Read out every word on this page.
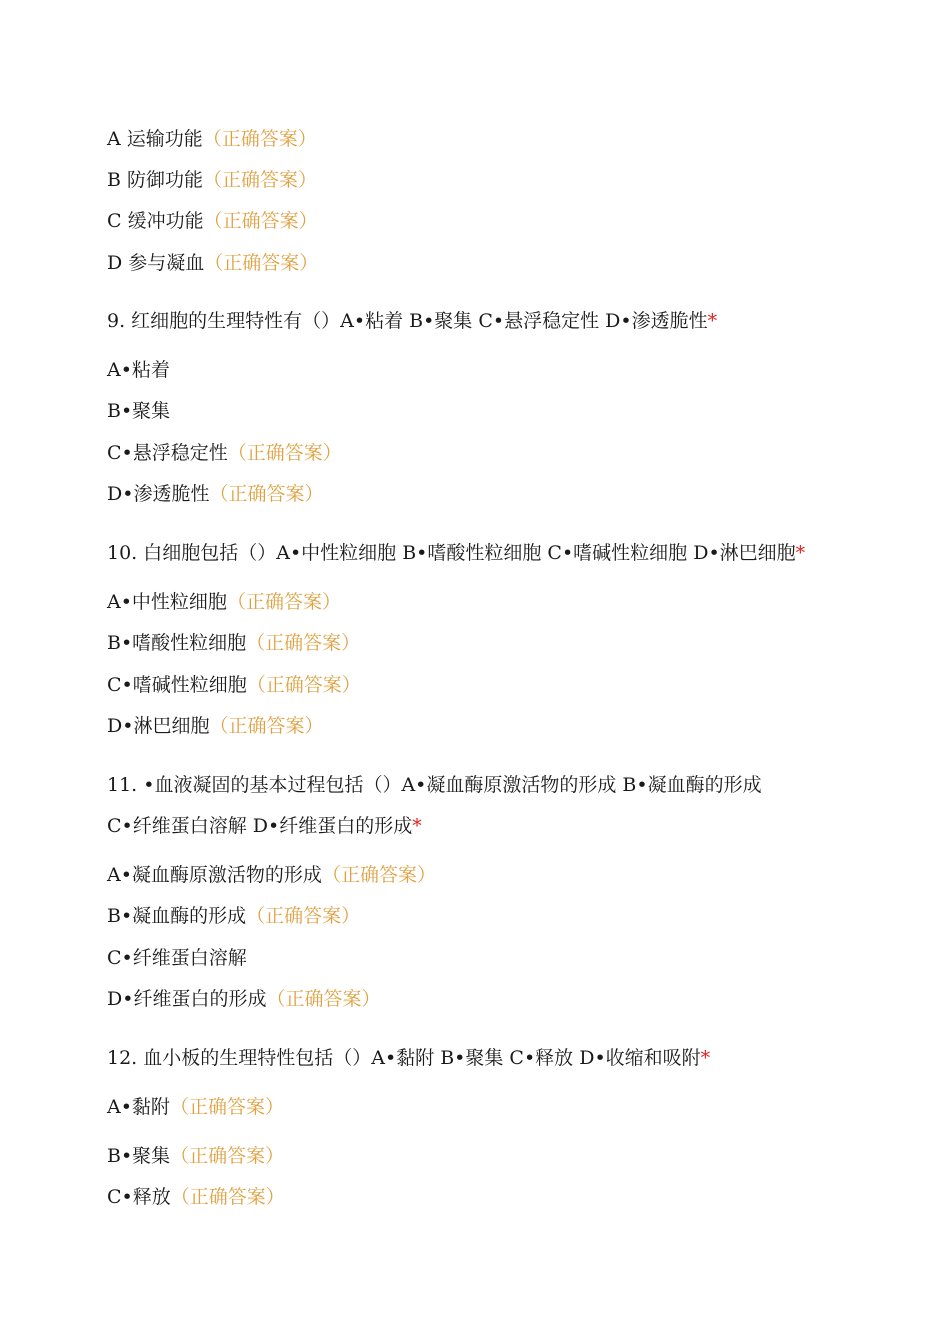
A 运输功能（正确答案）
B 防御功能（正确答案）
C 缓冲功能（正确答案）
D 参与凝血（正确答案）
9. 红细胞的生理特性有（）A•粘着 B•聚集 C•悬浮稳定性 D•渗透脆性*
A•粘着
B•聚集
C•悬浮稳定性（正确答案）
D•渗透脆性（正确答案）
10. 白细胞包括（）A•中性粒细胞 B•嗜酸性粒细胞 C•嗜碱性粒细胞 D•淋巴细胞*
A•中性粒细胞（正确答案）
B•嗜酸性粒细胞（正确答案）
C•嗜碱性粒细胞（正确答案）
D•淋巴细胞（正确答案）
11. •血液凝固的基本过程包括（）A•凝血酶原激活物的形成 B•凝血酶的形成
C•纤维蛋白溶解 D•纤维蛋白的形成*
A•凝血酶原激活物的形成（正确答案）
B•凝血酶的形成（正确答案）
C•纤维蛋白溶解
D•纤维蛋白的形成（正确答案）
12. 血小板的生理特性包括（）A•黏附 B•聚集 C•释放 D•收缩和吸附*
A•黏附（正确答案）
B•聚集（正确答案）
C•释放（正确答案）
